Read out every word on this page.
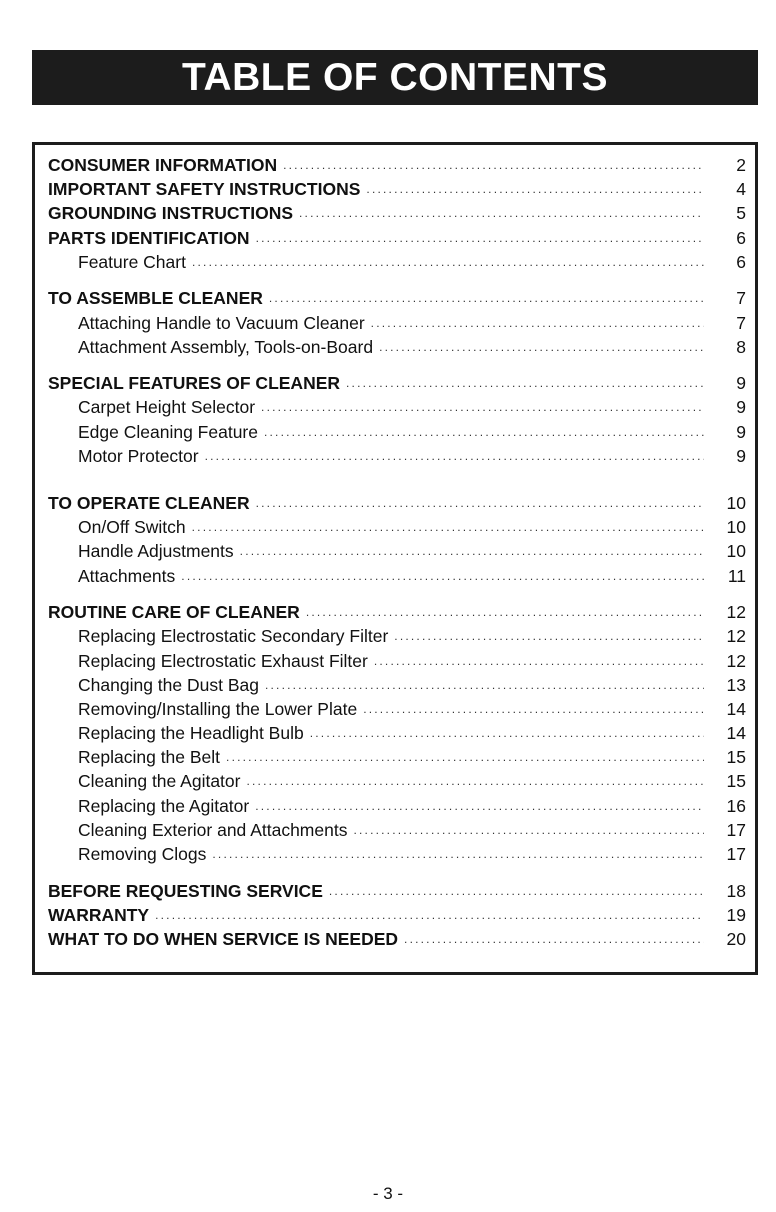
TABLE OF CONTENTS
CONSUMER INFORMATION .....	2
IMPORTANT SAFETY INSTRUCTIONS .....	4
GROUNDING INSTRUCTIONS .....	5
PARTS IDENTIFICATION .....	6
Feature Chart .....	6
TO ASSEMBLE CLEANER .....	7
Attaching Handle to Vacuum Cleaner .....	7
Attachment Assembly, Tools-on-Board .....	8
SPECIAL FEATURES OF CLEANER .....	9
Carpet Height Selector .....	9
Edge Cleaning Feature .....	9
Motor Protector .....	9
TO OPERATE CLEANER .....	10
On/Off Switch .....	10
Handle Adjustments .....	10
Attachments .....	11
ROUTINE CARE OF CLEANER .....	12
Replacing Electrostatic Secondary Filter .....	12
Replacing Electrostatic Exhaust Filter .....	12
Changing the Dust Bag .....	13
Removing/Installing the Lower Plate .....	14
Replacing the Headlight Bulb .....	14
Replacing the Belt .....	15
Cleaning the Agitator .....	15
Replacing the Agitator .....	16
Cleaning Exterior and Attachments .....	17
Removing Clogs .....	17
BEFORE REQUESTING SERVICE .....	18
WARRANTY .....	19
WHAT TO DO WHEN SERVICE IS NEEDED .....	20
- 3 -
